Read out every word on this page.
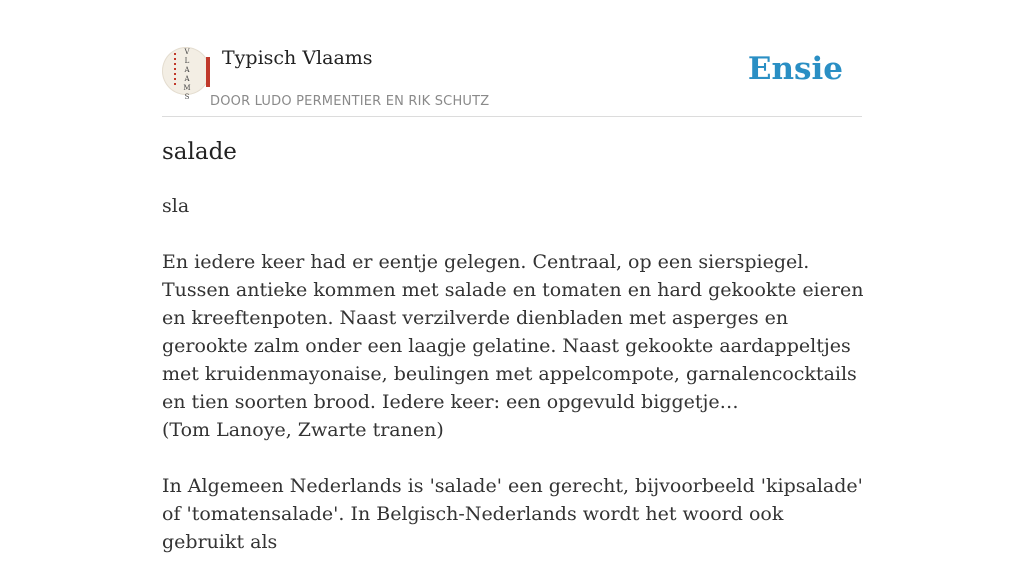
V
L
A
A
M
S
Typisch Vlaams
DOOR LUDO PERMENTIER EN RIK SCHUTZ
Ensie
salade

sla

En iedere keer had er eentje gelegen. Centraal, op een sierspiegel. Tussen antieke kommen met salade en tomaten en hard gekookte eieren en kreeftenpoten. Naast verzilverde dienbladen met asperges en gerookte zalm onder een laagje gelatine. Naast gekookte aardappeltjes met kruidenmayonaise, beulingen met appelcompote, garnalencocktails en tien soorten brood. Iedere keer: een opgevuld biggetje…

(Tom Lanoye, Zwarte tranen)

In Algemeen Nederlands is 'salade' een gerecht, bijvoorbeeld 'kipsalade' of 'tomatensalade'. In Belgisch-Nederlands wordt het woord ook gebruikt als
